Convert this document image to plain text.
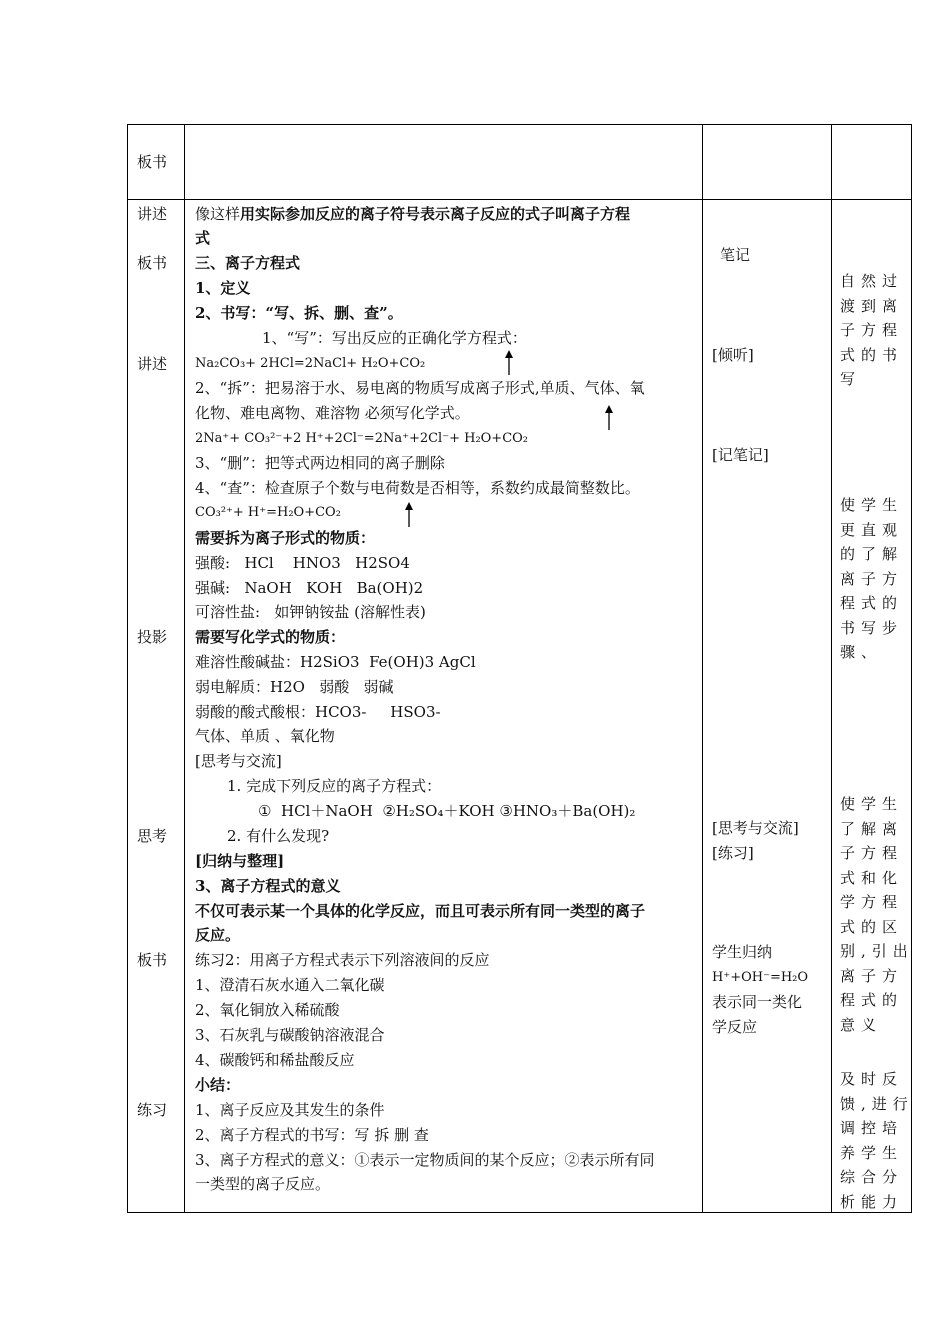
板书
讲述
板书
讲述
投影
思考
板书
练习
像这样用实际参加反应的离子符号表示离子反应的式子叫离子方程
式
三、离子方程式
1、定义
2、书写：“写、拆、删、查”。
1、“写”：写出反应的正确化学方程式：
Na₂CO₃+ 2HCl=2NaCl+ H₂O+CO₂
2、“拆”：把易溶于水、易电离的物质写成离子形式,单质、气体、氧
化物、难电离物、难溶物 必须写化学式。
2Na⁺+ CO₃²⁻+2 H⁺+2Cl⁻=2Na⁺+2Cl⁻+ H₂O+CO₂
3、“删”：把等式两边相同的离子删除
4、“查”：检查原子个数与电荷数是否相等，系数约成最简整数比。
CO₃²⁺+ H⁺=H₂O+CO₂
需要拆为离子形式的物质：
强酸:   HCl    HNO3   H2SO4
强碱:   NaOH   KOH   Ba(OH)2
可溶性盐:   如钾钠铵盐 (溶解性表)
需要写化学式的物质：
难溶性酸碱盐：H2SiO3  Fe(OH)3 AgCl
弱电解质：H2O   弱酸   弱碱
弱酸的酸式酸根：HCO3-     HSO3-
气体、单质 、氧化物
[思考与交流]
1. 完成下列反应的离子方程式：
①  HCl＋NaOH  ②H₂SO₄＋KOH ③HNO₃＋Ba(OH)₂
2. 有什么发现?
[归纳与整理]
3、离子方程式的意义
不仅可表示某一个具体的化学反应，而且可表示所有同一类型的离子
反应。
练习2：用离子方程式表示下列溶液间的反应
1、澄清石灰水通入二氧化碳
2、氧化铜放入稀硫酸
3、石灰乳与碳酸钠溶液混合
4、碳酸钙和稀盐酸反应
小结：
1、离子反应及其发生的条件
2、离子方程式的书写：写 拆 删 查
3、离子方程式的意义：①表示一定物质间的某个反应；②表示所有同
一类型的离子反应。
笔记
[倾听]
[记笔记]
[思考与交流]
[练习]
学生归纳
H⁺+OH⁻=H₂O
表示同一类化
学反应
自然过
渡到离
子方程
式的书
写
使学生
更直观
的了解
离子方
程式的
书写步
骤、
使学生
了解离
子方程
式和化
学方程
式的区
别,引出
离子方
程式的
意义
及时反
馈,进行
调控培
养学生
综合分
析能力
